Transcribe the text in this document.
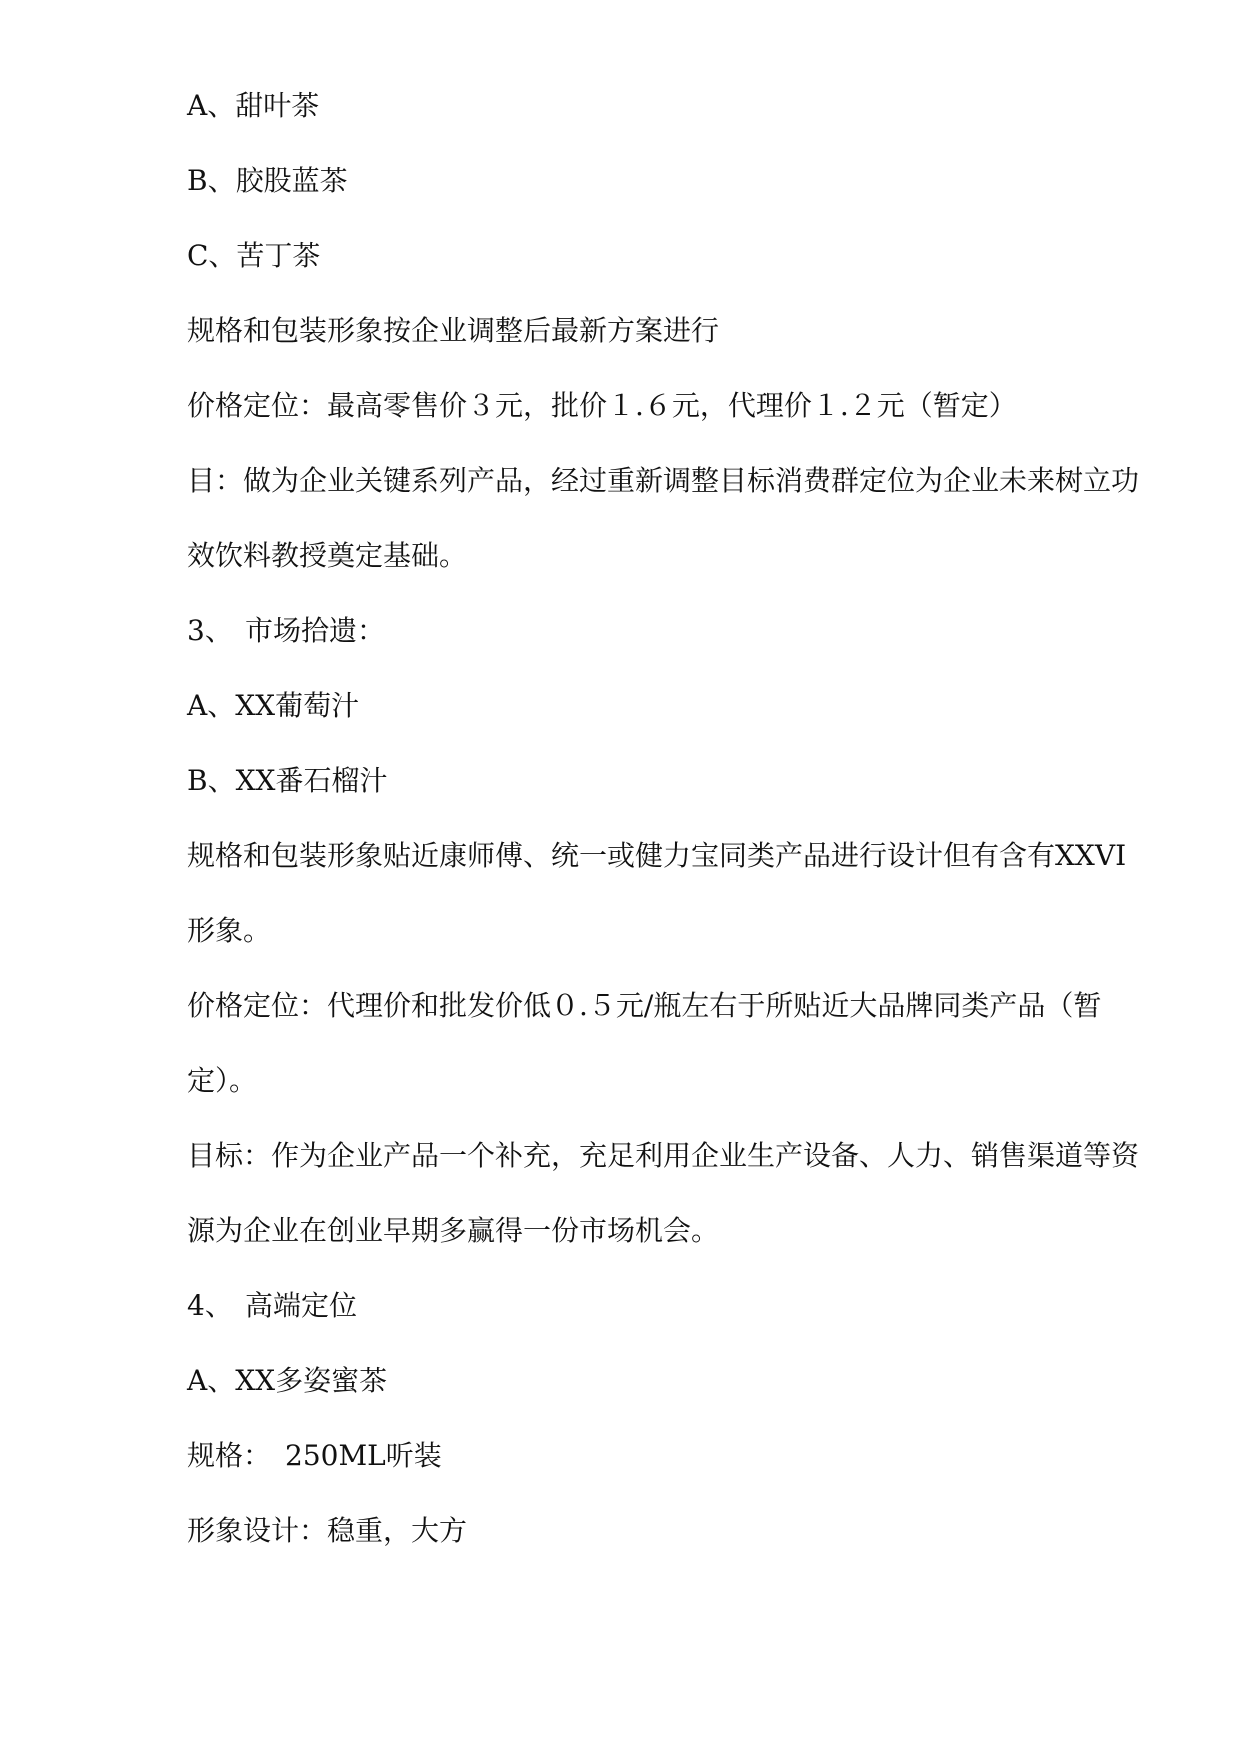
A、甜叶茶

B、胶股蓝茶

C、苦丁茶

规格和包装形象按企业调整后最新方案进行

价格定位：最高零售价３元，批价１.６元，代理价１.２元（暂定）

目：做为企业关键系列产品，经过重新调整目标消费群定位为企业未来树立功效饮料教授奠定基础。

3、 市场拾遗：

A、XX葡萄汁

B、XX番石榴汁

规格和包装形象贴近康师傅、统一或健力宝同类产品进行设计但有含有XXVI形象。

价格定位：代理价和批发价低０.５元/瓶左右于所贴近大品牌同类产品（暂定）。

目标：作为企业产品一个补充，充足利用企业生产设备、人力、销售渠道等资源为企业在创业早期多赢得一份市场机会。

4、 高端定位

A、XX多姿蜜茶

规格：　250ML听装

形象设计：稳重，大方
